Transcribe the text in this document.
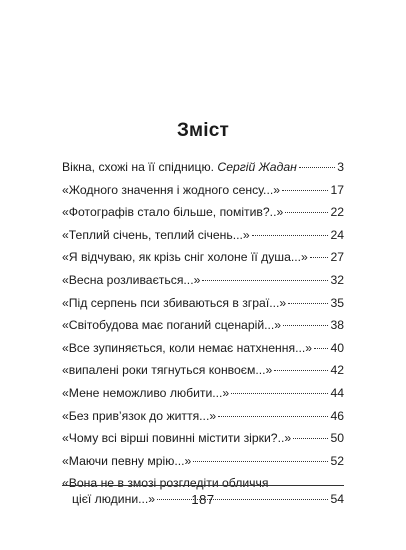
Зміст
Вікна, схожі на її спідницю. Сергій Жадан	3
«Жодного значення і жодного сенсу...»	17
«Фотографів стало більше, помітив?..»	22
«Теплий січень, теплий січень...»	24
«Я відчуваю, як крізь сніг холоне її душа...» 27
«Весна розливається...»	32
«Під серпень пси збиваються в зграї...»	35
«Світобудова має поганий сценарій...»	38
«Все зупиняється, коли немає натхнення...» 40
«випалені роки тягнуться конвоєм...»	42
«Мене неможливо любити...»	44
«Без прив’язок до життя...»	46
«Чому всі вірші повинні містити зірки?..»	50
«Маючи певну мрію...»	52
«Вона не в змозі розгледіти обличчя
цієї людини...»	54
187
